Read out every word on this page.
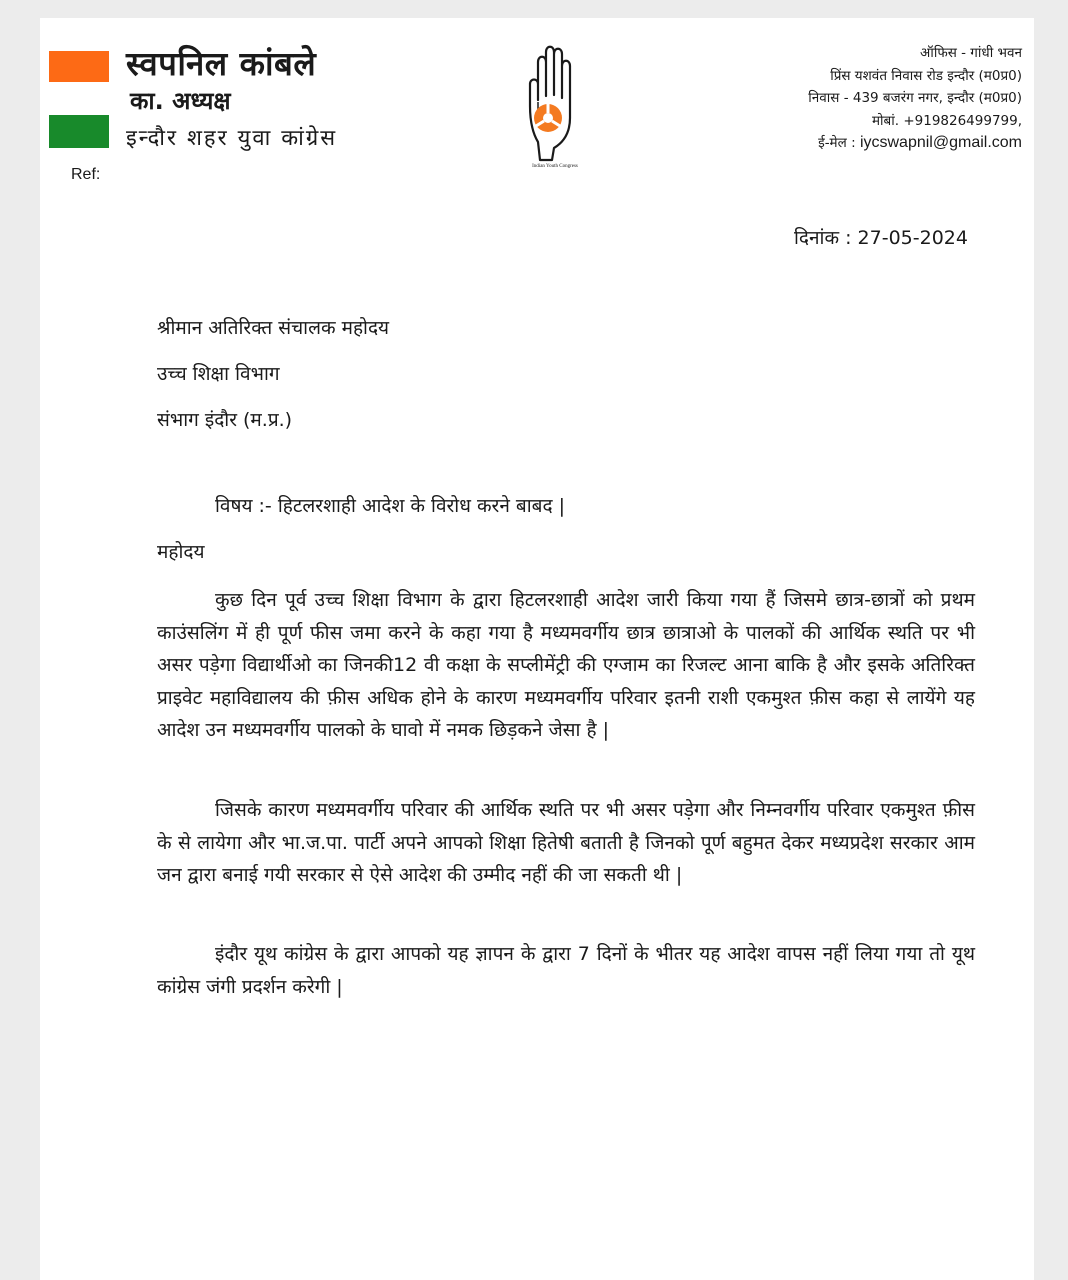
स्वपनिल कांबले
का. अध्यक्ष
इन्दौर शहर युवा कांग्रेस
Ref:	Indian Youth Congress
ऑफिस - गांधी भवन
प्रिंस यशवंत निवास रोड इन्दौर (म0प्र0)
निवास - 439 बजरंग नगर, इन्दौर (म0प्र0)
मोबां. +919826499799,
ई-मेल : iycswapnil@gmail.com
दिनांक : 27-05-2024
श्रीमान अतिरिक्त संचालक महोदय
उच्च शिक्षा विभाग
संभाग इंदौर (म.प्र.)
विषय :- हिटलरशाही आदेश के विरोध करने बाबद |
महोदय

कुछ दिन पूर्व उच्च शिक्षा विभाग के द्वारा हिटलरशाही आदेश जारी किया गया हैं जिसमे छात्र-छात्रों को प्रथम काउंसलिंग में ही पूर्ण फीस जमा करने के कहा गया है मध्यमवर्गीय छात्र छात्राओ के पालकों की आर्थिक स्थति पर भी असर पड़ेगा विद्यार्थीओ का जिनकी12 वी कक्षा के सप्लीमेंट्री की एग्जाम का रिजल्ट आना बाकि है और इसके अतिरिक्त प्राइवेट महाविद्यालय की फ़ीस अधिक होने के कारण मध्यमवर्गीय परिवार इतनी राशी एकमुश्त फ़ीस कहा से लायेंगे यह आदेश उन मध्यमवर्गीय पालको के घावो में नमक छिड़कने जेसा है |

जिसके कारण मध्यमवर्गीय परिवार की आर्थिक स्थति पर भी असर पड़ेगा और निम्नवर्गीय परिवार एकमुश्त फ़ीस के से लायेगा और भा.ज.पा. पार्टी अपने आपको शिक्षा हितेषी बताती है जिनको पूर्ण बहुमत देकर मध्यप्रदेश सरकार आम जन द्वारा बनाई गयी सरकार से ऐसे आदेश की उम्मीद नहीं की जा सकती थी |

इंदौर यूथ कांग्रेस के द्वारा आपको यह ज्ञापन के द्वारा 7 दिनों के भीतर यह आदेश वापस नहीं लिया गया तो यूथ कांग्रेस जंगी प्रदर्शन करेगी |
